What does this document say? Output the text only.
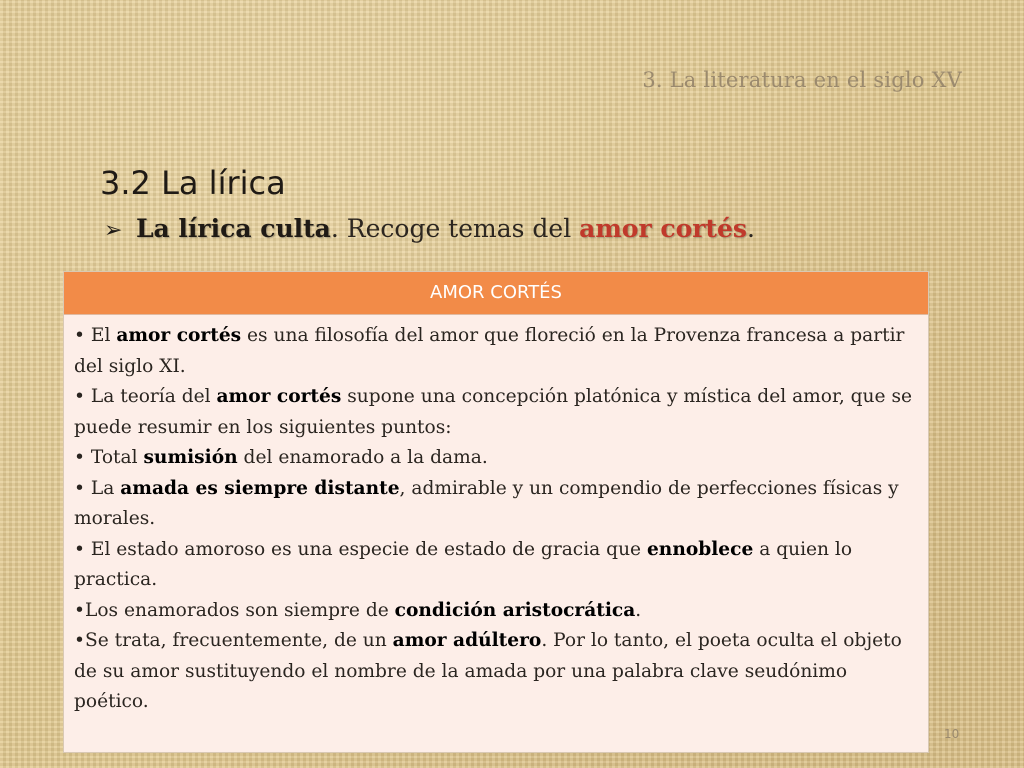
3. La literatura en el siglo XV
3.2 La lírica
➢ La lírica culta. Recoge temas del amor cortés.
AMOR CORTÉS

• El amor cortés es una filosofía del amor que floreció en la Provenza francesa a partir del siglo XI.

• La teoría del amor cortés supone una concepción platónica y mística del amor, que se puede resumir en los siguientes puntos:

• Total sumisión del enamorado a la dama.

• La amada es siempre distante, admirable y un compendio de perfecciones físicas y morales.

• El estado amoroso es una especie de estado de gracia que ennoblece a quien lo practica.

•Los enamorados son siempre de condición aristocrática.

•Se trata, frecuentemente, de un amor adúltero. Por lo tanto, el poeta oculta el objeto de su amor sustituyendo el nombre de la amada por una palabra clave seudónimo poético.

10
